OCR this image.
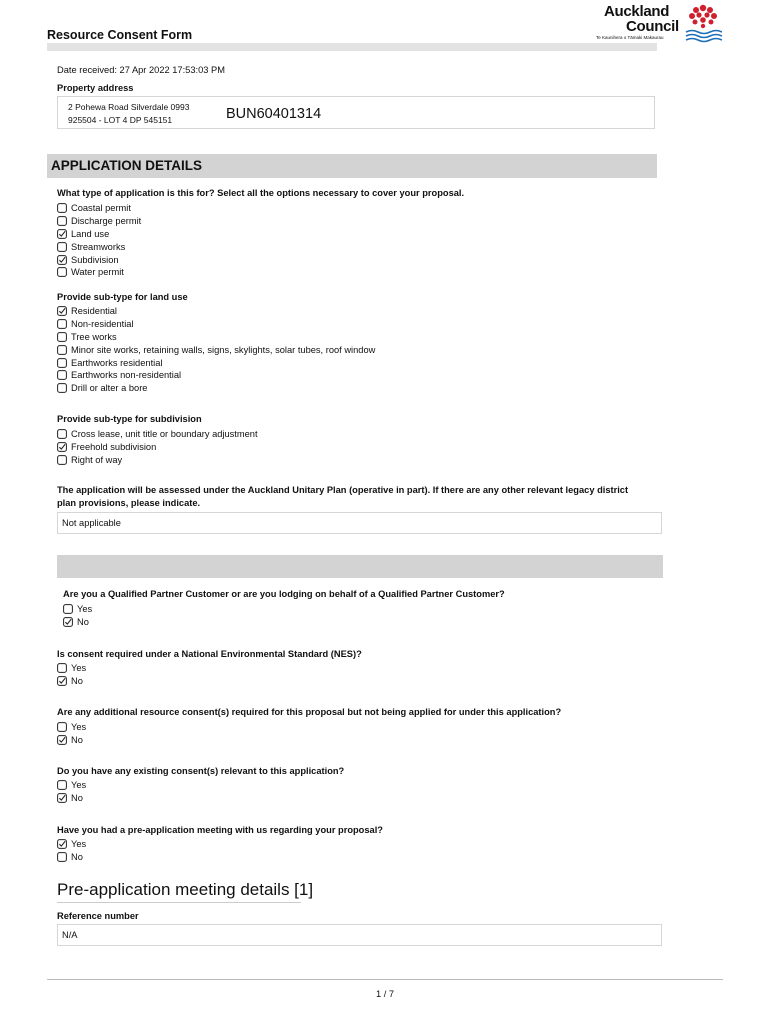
Resource Consent Form
Auckland
Council
Te Kaunihera o Tāmaki Makaurau
Date received: 27 Apr 2022 17:53:03 PM
Property address
2 Pohewa Road Silverdale 0993
925504 - LOT 4 DP 545151	BUN60401314
APPLICATION DETAILS
What type of application is this for? Select all the options necessary to cover your proposal.
Coastal permit
Discharge permit
Land use
Streamworks
Subdivision
Water permit
Provide sub-type for land use
Residential
Non-residential
Tree works
Minor site works, retaining walls, signs, skylights, solar tubes, roof window
Earthworks residential
Earthworks non-residential
Drill or alter a bore
Provide sub-type for subdivision
Cross lease, unit title or boundary adjustment
Freehold subdivision
Right of way
The application will be assessed under the Auckland Unitary Plan (operative in part). If there are any other relevant legacy district
plan provisions, please indicate.
Not applicable
Are you a Qualified Partner Customer or are you lodging on behalf of a Qualified Partner Customer?
Yes
No
Is consent required under a National Environmental Standard (NES)?
Yes
No
Are any additional resource consent(s) required for this proposal but not being applied for under this application?
Yes
No
Do you have any existing consent(s) relevant to this application?
Yes
No
Have you had a pre-application meeting with us regarding your proposal?
Yes
No
Pre-application meeting details [1]
Reference number
N/A
1 / 7
